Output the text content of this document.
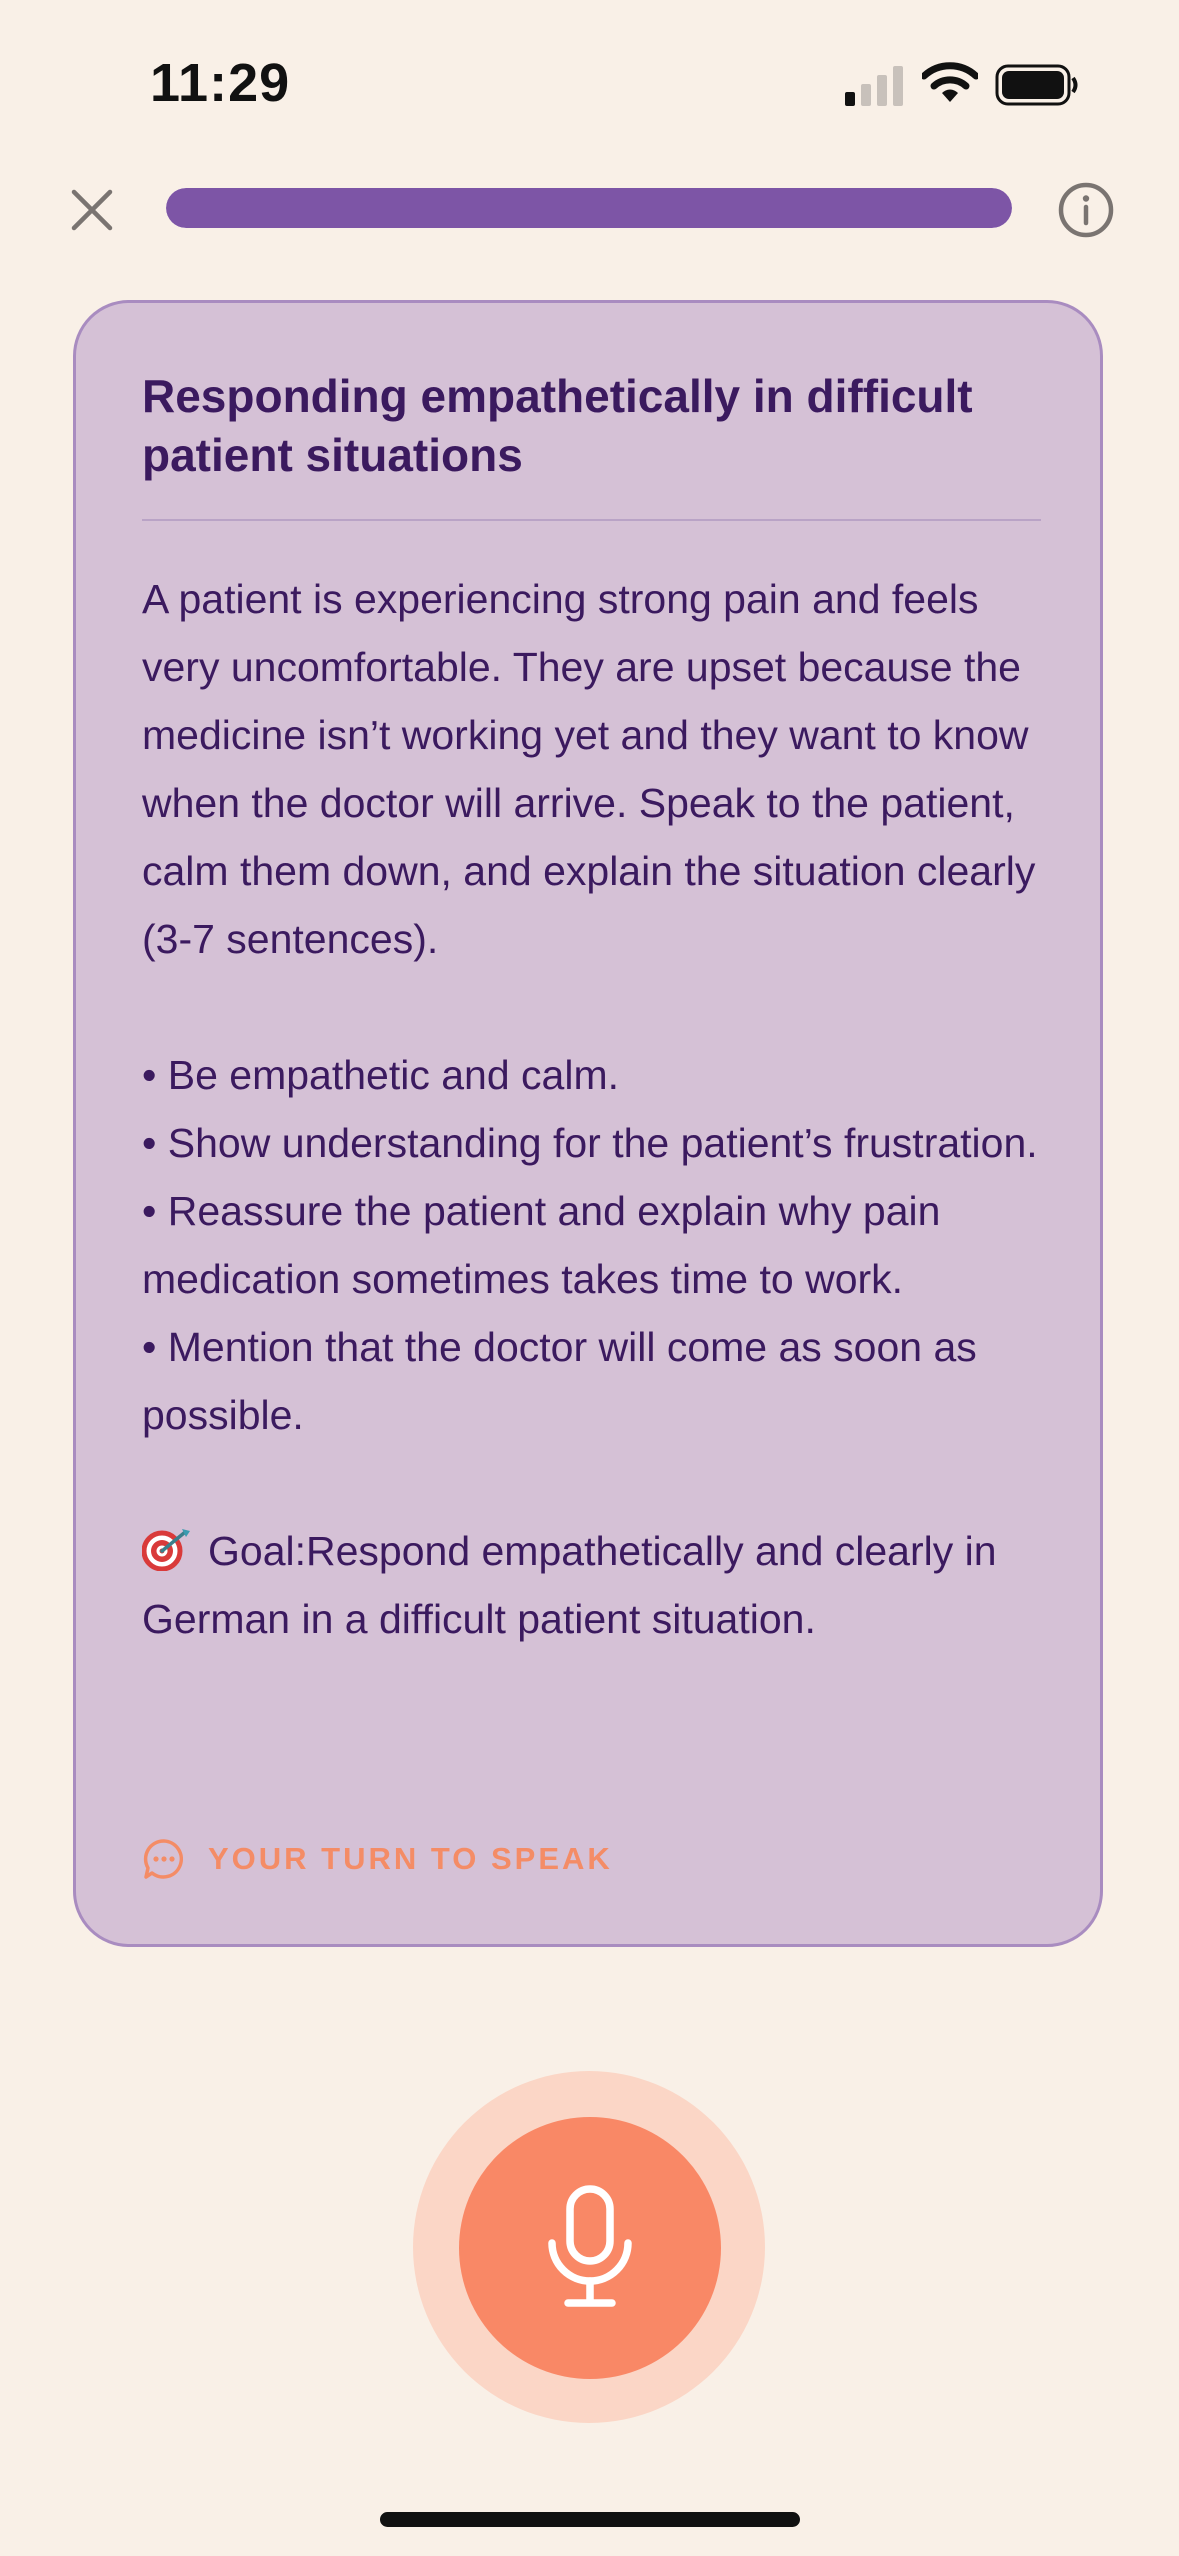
11:29
Responding empathetically in difficult patient situations

A patient is experiencing strong pain and feels very uncomfortable. They are upset because the medicine isn’t working yet and they want to know when the doctor will arrive. Speak to the patient, calm them down, and explain the situation clearly (3-7 sentences).

• Be empathetic and calm.
• Show understanding for the patient’s frustration.
• Reassure the patient and explain why pain medication sometimes takes time to work.
• Mention that the doctor will come as soon as possible.

Goal:Respond empathetically and clearly in German in a difficult patient situation.

YOUR TURN TO SPEAK
